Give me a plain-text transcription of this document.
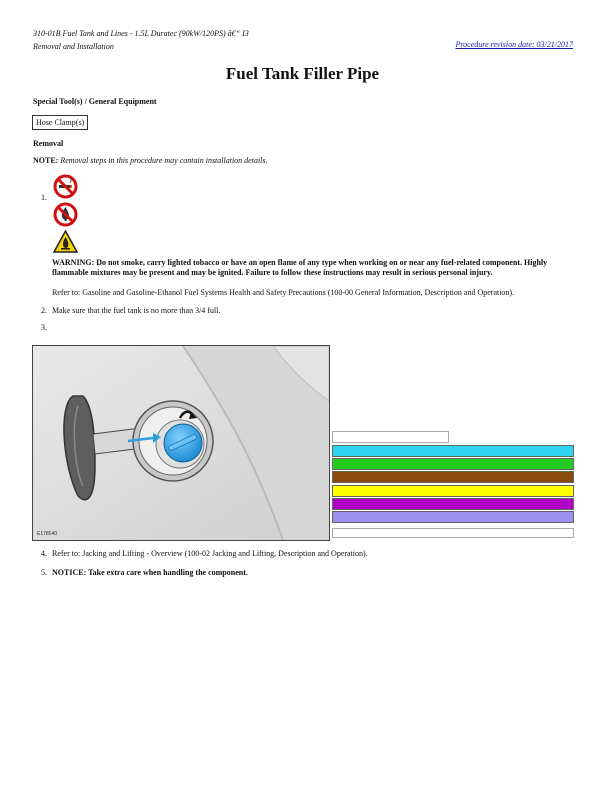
310-01B Fuel Tank and Lines - 1.5L Duratec (90kW/120PS) â€“ I3
Removal and Installation	Procedure revision date: 03/21/2017
Fuel Tank Filler Pipe
Special Tool(s) / General Equipment
Hose Clamp(s)
Removal
NOTE: Removal steps in this procedure may contain installation details.
1.
WARNING: Do not smoke, carry lighted tobacco or have an open flame of any type when working on or near any fuel-related component. Highly flammable mixtures may be present and may be ignited. Failure to follow these instructions may result in serious personal injury.
Refer to: Gasoline and Gasoline-Ethanol Fuel Systems Health and Safety Precautions (100-00 General Information, Description and Operation).
2. Make sure that the fuel tank is no more than 3/4 full.
3.
E178540
4. Refer to: Jacking and Lifting - Overview (100-02 Jacking and Lifting, Description and Operation).
5. NOTICE: Take extra care when handling the component.
